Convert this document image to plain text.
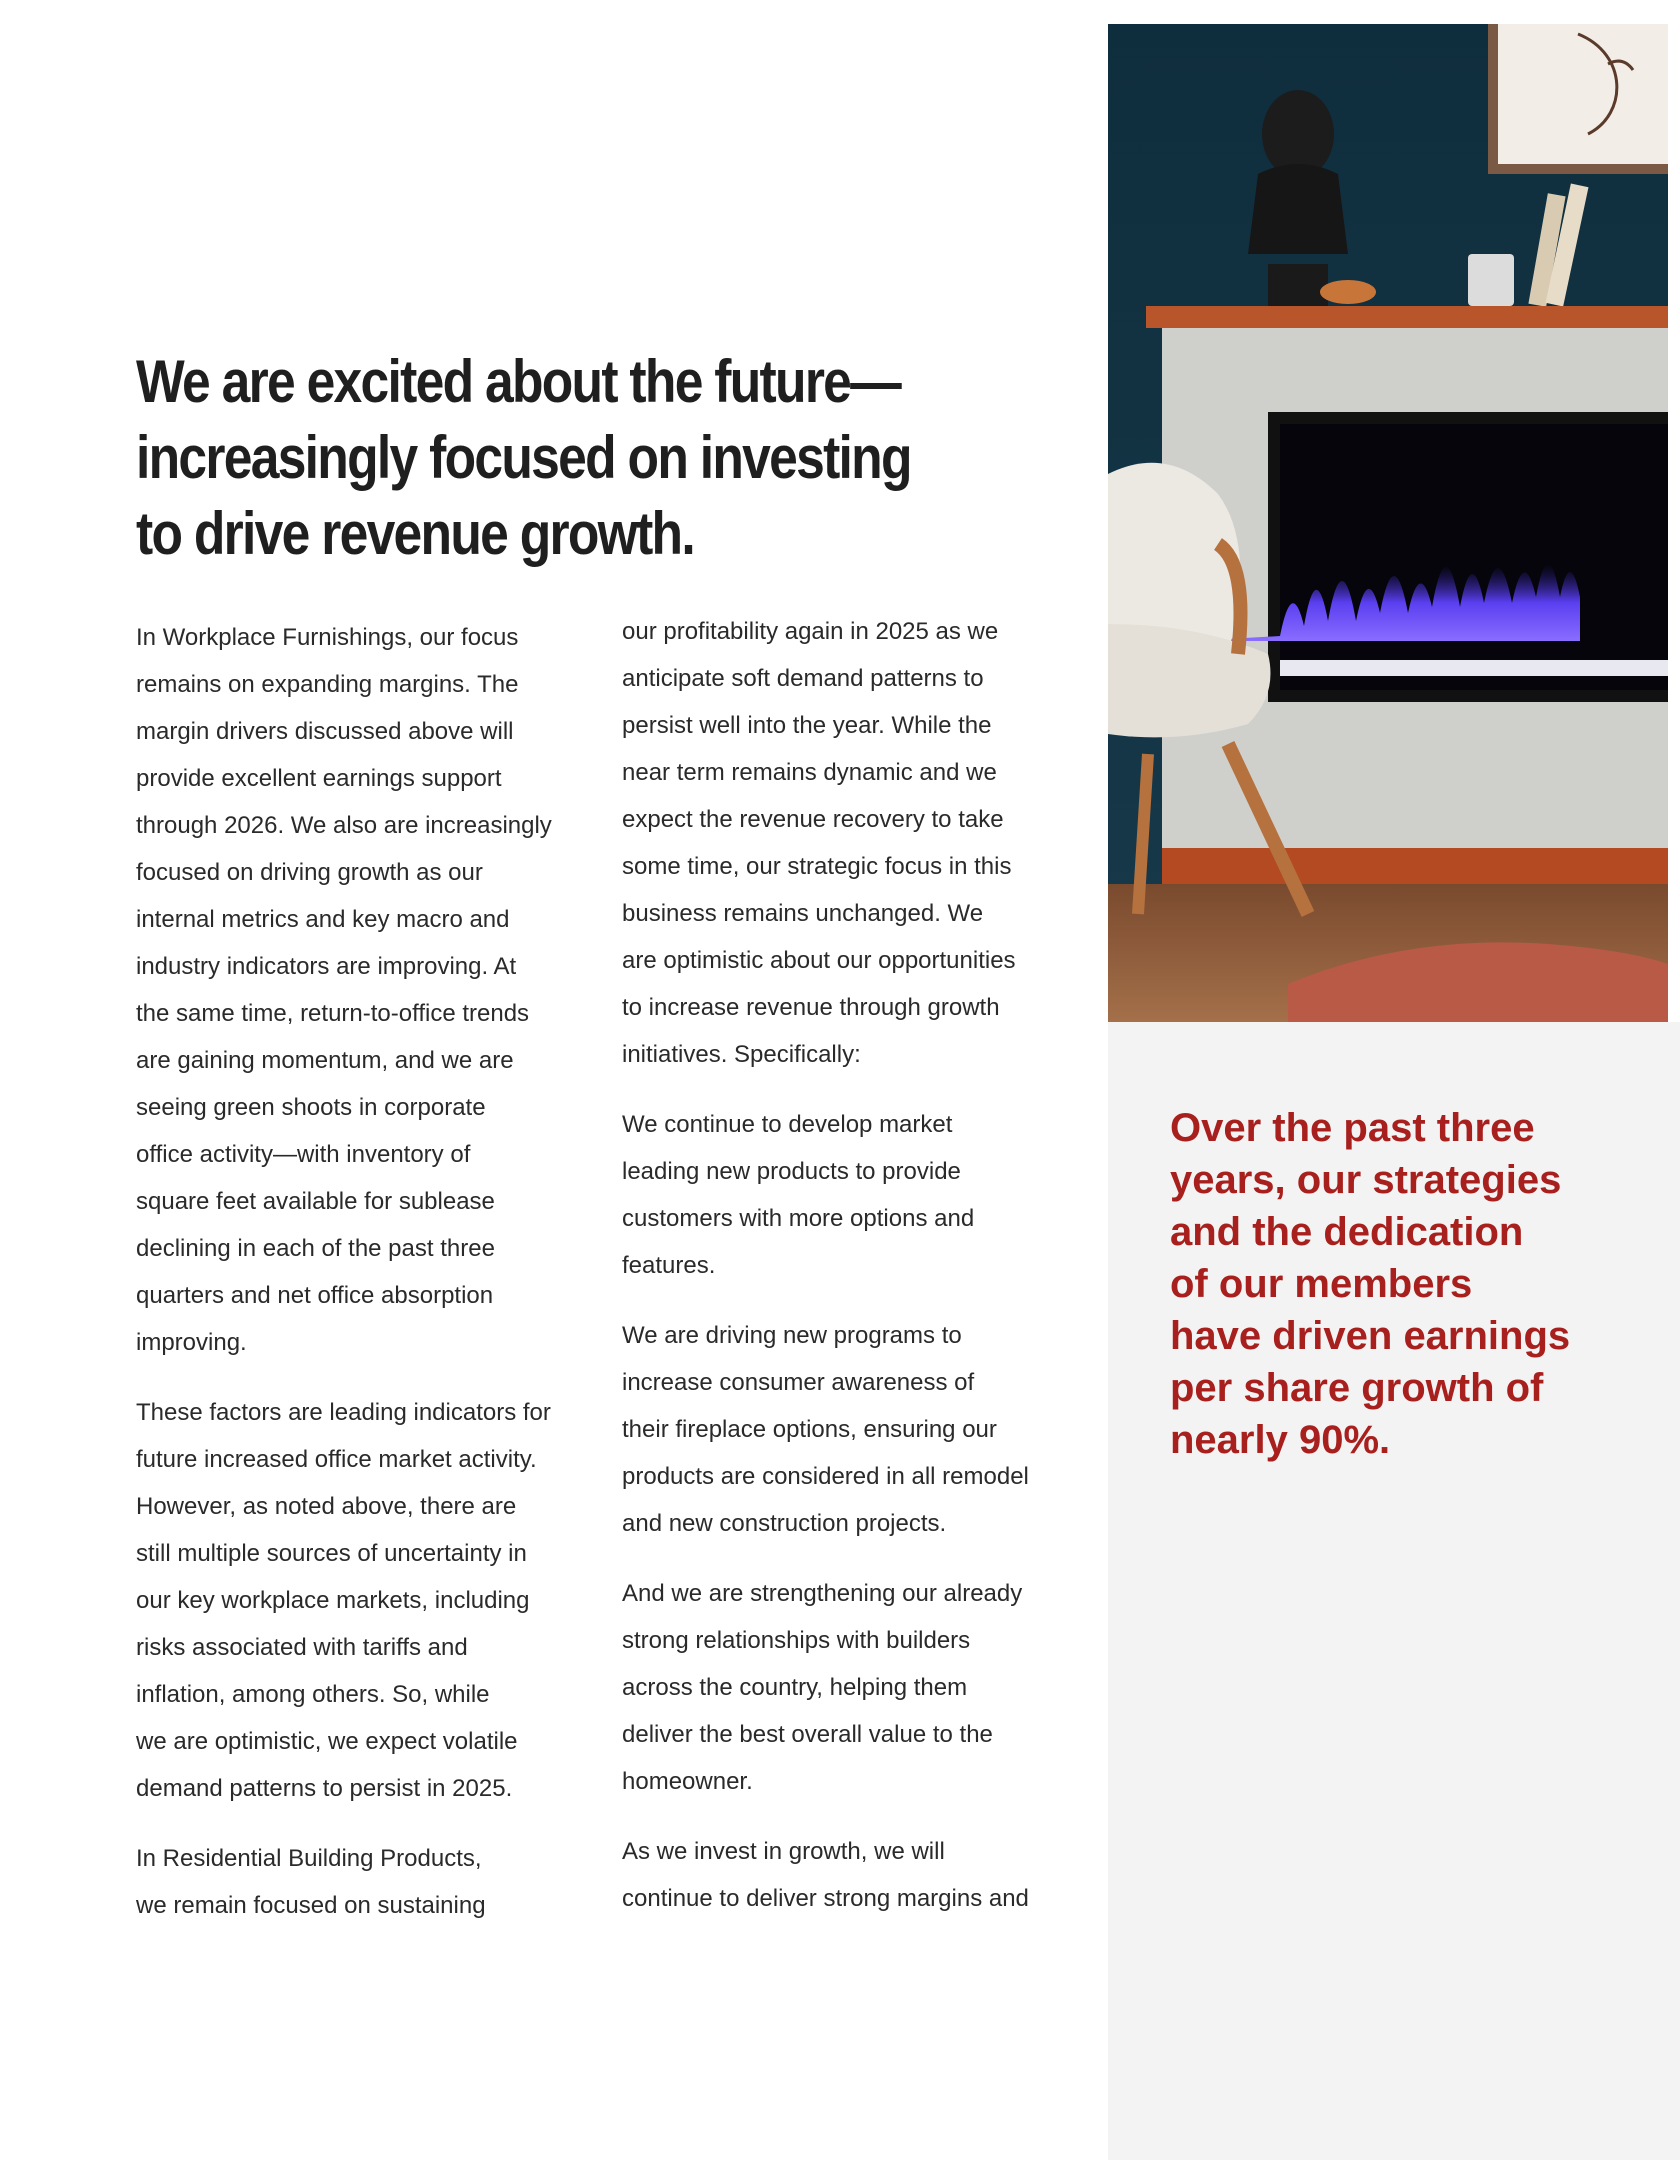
We are excited about the future—
increasingly focused on investing
to drive revenue growth.

In Workplace Furnishings, our focus
remains on expanding margins. The
margin drivers discussed above will
provide excellent earnings support
through 2026. We also are increasingly
focused on driving growth as our
internal metrics and key macro and
industry indicators are improving. At
the same time, return-to-office trends
are gaining momentum, and we are
seeing green shoots in corporate
office activity—with inventory of
square feet available for sublease
declining in each of the past three
quarters and net office absorption
improving.

These factors are leading indicators for
future increased office market activity.
However, as noted above, there are
still multiple sources of uncertainty in
our key workplace markets, including
risks associated with tariffs and
inflation, among others. So, while
we are optimistic, we expect volatile
demand patterns to persist in 2025.

In Residential Building Products,
we remain focused on sustaining

our profitability again in 2025 as we
anticipate soft demand patterns to
persist well into the year. While the
near term remains dynamic and we
expect the revenue recovery to take
some time, our strategic focus in this
business remains unchanged. We
are optimistic about our opportunities
to increase revenue through growth
initiatives. Specifically:

We continue to develop market
leading new products to provide
customers with more options and
features.

We are driving new programs to
increase consumer awareness of
their fireplace options, ensuring our
products are considered in all remodel
and new construction projects.

And we are strengthening our already
strong relationships with builders
across the country, helping them
deliver the best overall value to the
homeowner.

As we invest in growth, we will
continue to deliver strong margins and

Over the past three
years, our strategies
and the dedication
of our members
have driven earnings
per share growth of
nearly 90%.
